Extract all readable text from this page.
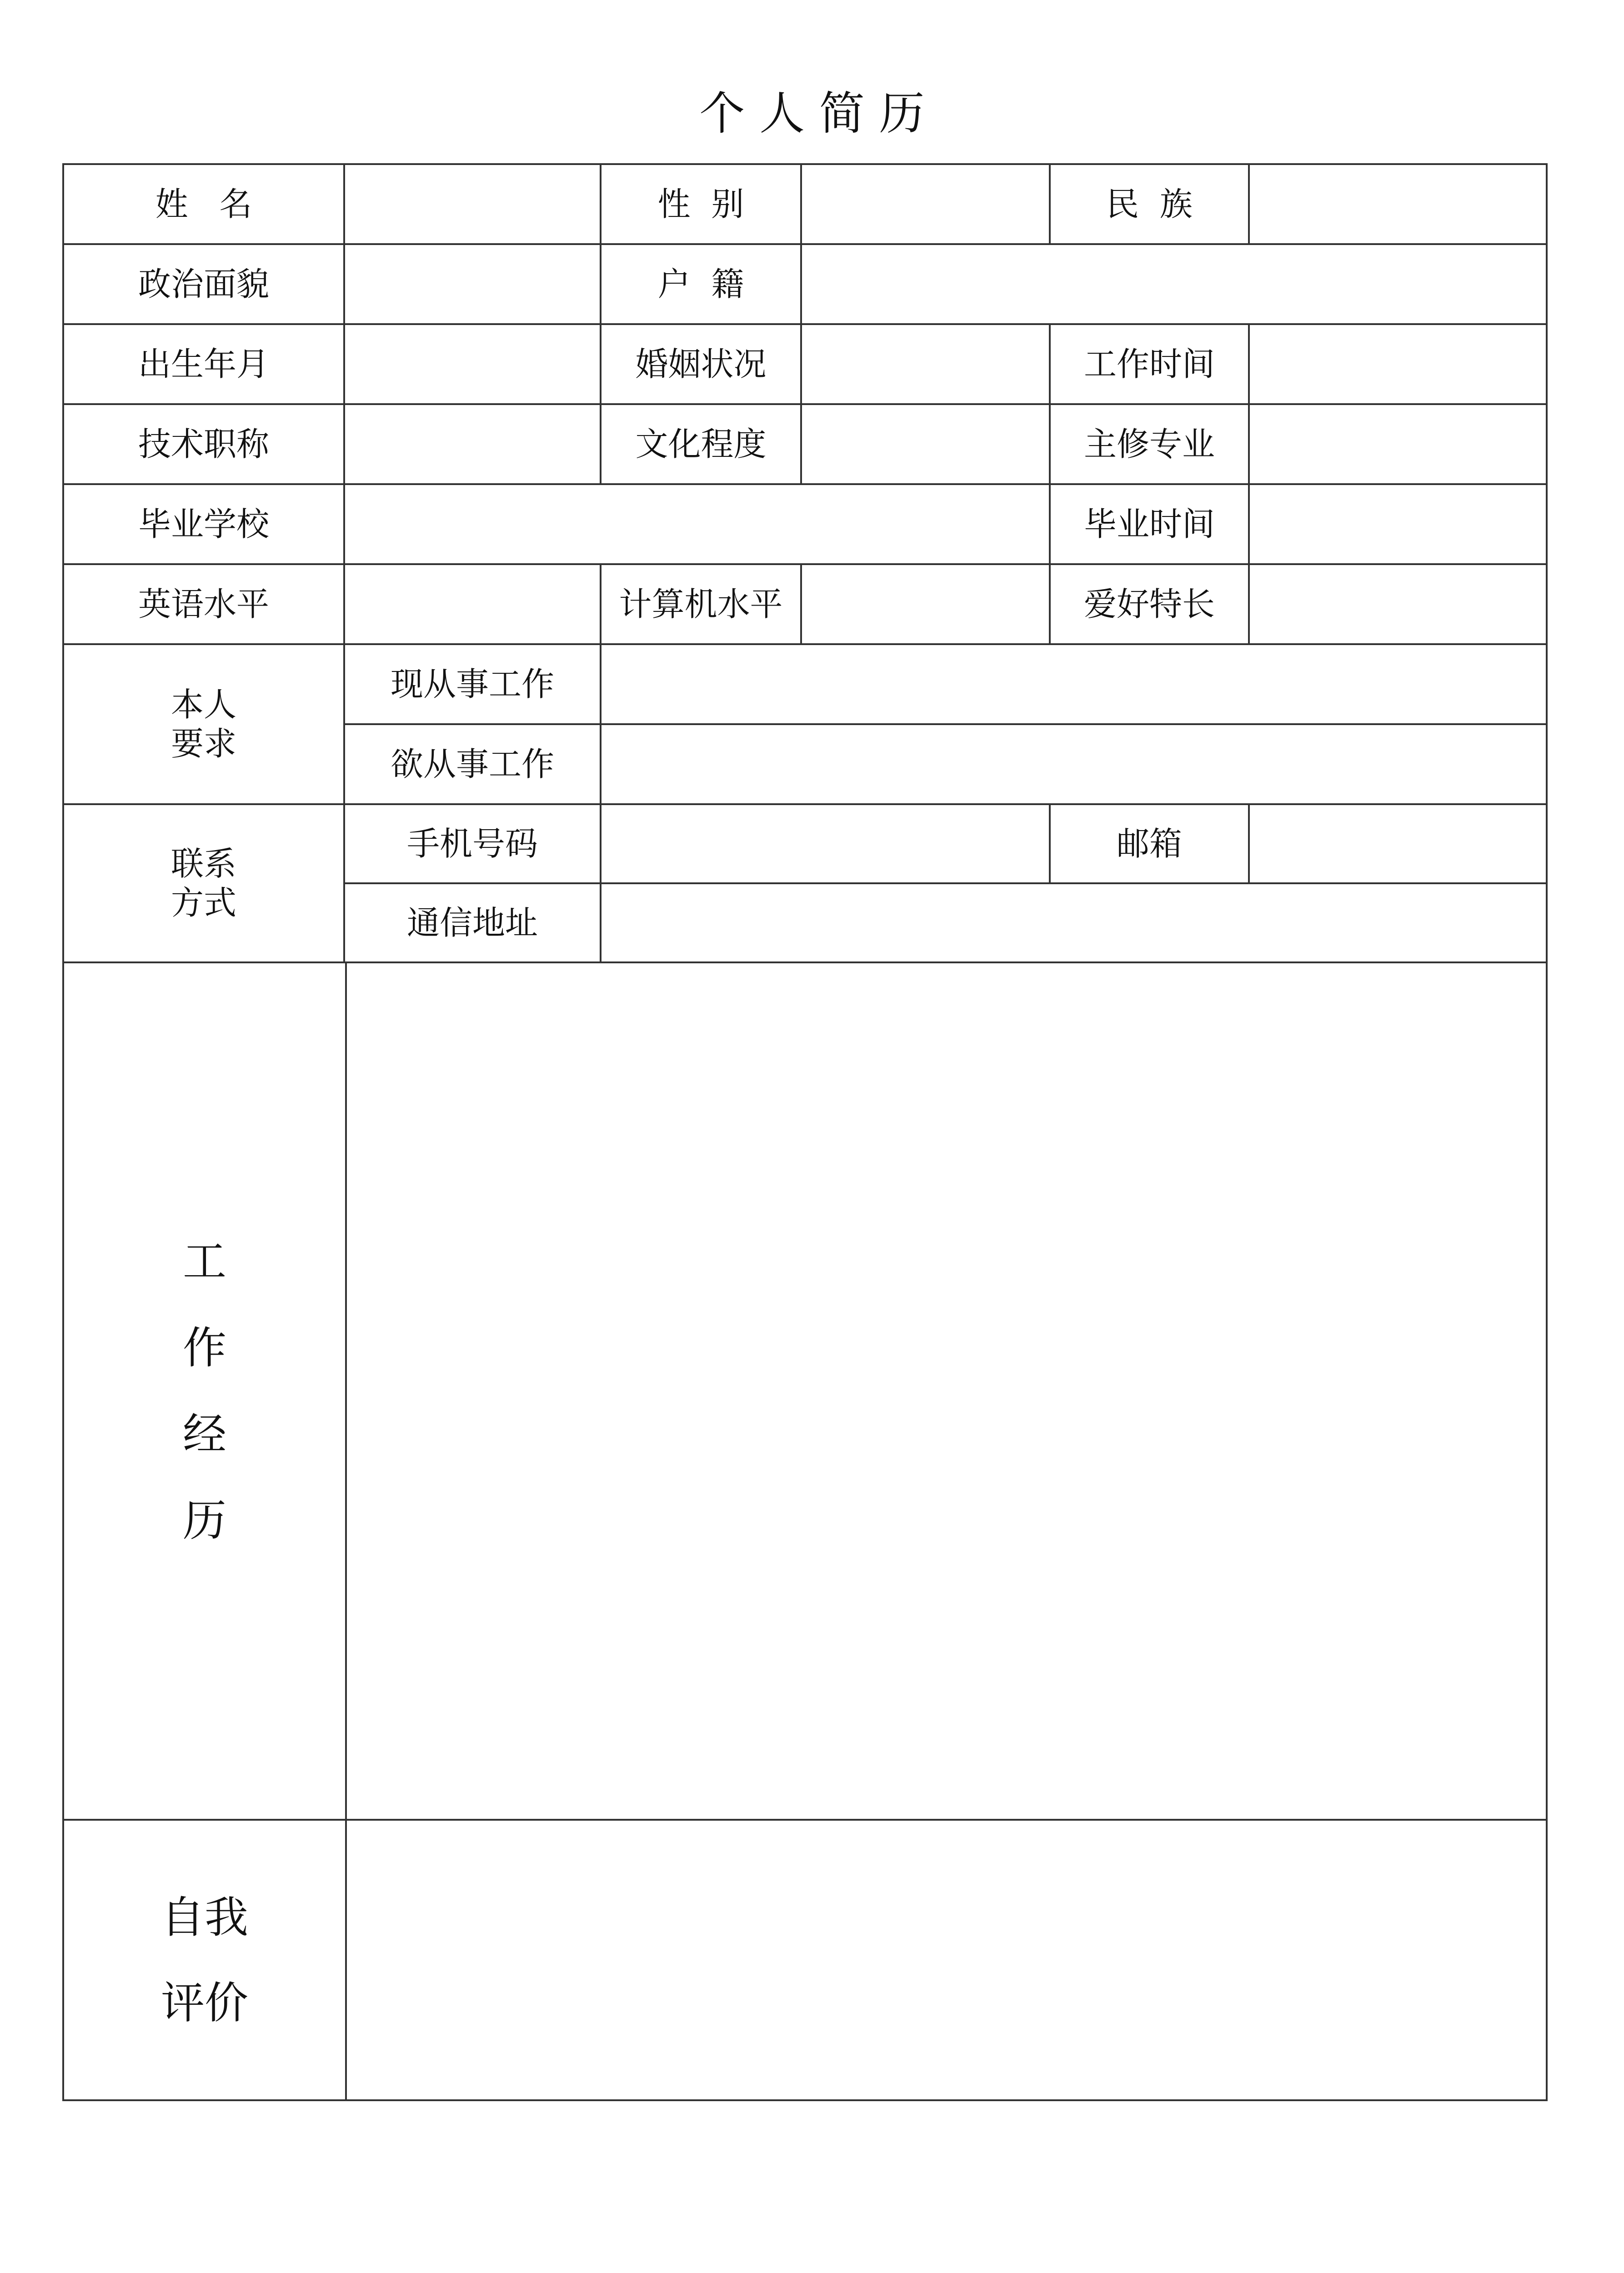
个 人 简 历
姓   名	性  别	民  族
政治面貌	户  籍
出生年月	婚姻状况	工作时间
技术职称	文化程度	主修专业
毕业学校	毕业时间
英语水平	计算机水平	爱好特长
本人
要求
现从事工作
欲从事工作
联系
方式
手机号码	邮箱
通信地址
工
作
经
历
自我
评价
